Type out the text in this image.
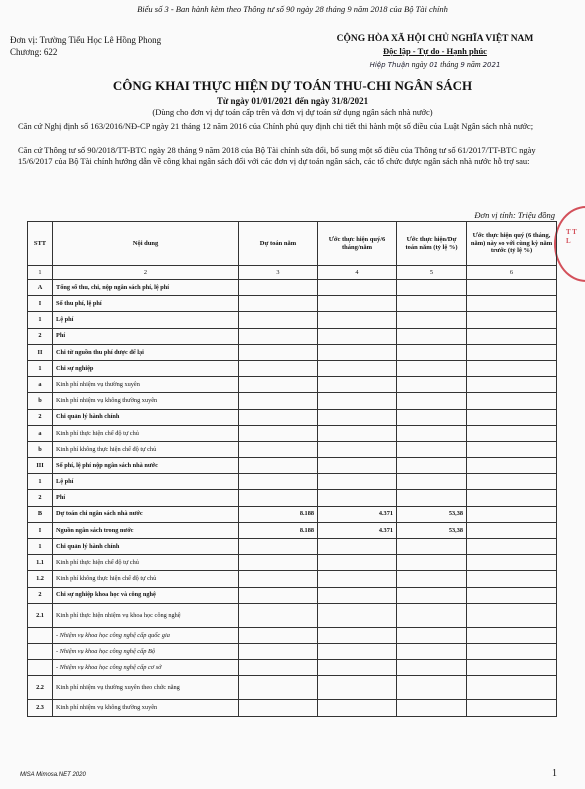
Biểu số 3 - Ban hành kèm theo Thông tư số 90 ngày 28 tháng 9 năm 2018 của Bộ Tài chính
Đơn vị: Trường Tiểu Học Lê Hồng Phong
Chương: 622
CỘNG HÒA XÃ HỘI CHỦ NGHĨA VIỆT NAM
Độc lập - Tự do - Hạnh phúc
Hiệp Thuận ngày 01 tháng 9 năm 2021
CÔNG KHAI THỰC HIỆN DỰ TOÁN THU-CHI NGÂN SÁCH
Từ ngày 01/01/2021 đến ngày 31/8/2021
(Dùng cho đơn vị dự toán cấp trên và đơn vị dự toán sử dụng ngân sách nhà nước)
Căn cứ Nghị định số 163/2016/NĐ-CP ngày 21 tháng 12 năm 2016 của Chính phủ quy định chi tiết thi hành một số điều của Luật Ngân sách nhà nước;
Căn cứ Thông tư số 90/2018/TT-BTC ngày 28 tháng 9 năm 2018 của Bộ Tài chính sửa đổi, bổ sung một số điều của Thông tư số 61/2017/TT-BTC ngày 15/6/2017 của Bộ Tài chính hướng dẫn về công khai ngân sách đối với các đơn vị dự toán ngân sách, các tổ chức được ngân sách nhà nước hỗ trợ sau:
Đơn vị tính: Triệu đồng
T T L
STT	Nội dung	Dự toán năm	Ước thực hiện quý/6 tháng/năm	Ước thực hiện/Dự toán năm (tỷ lệ %)	Ước thực hiện quý (6 tháng, năm) này so với cùng kỳ năm trước (tỷ lệ %)
1	2	3	4	5	6
A	Tổng số thu, chi, nộp ngân sách phí, lệ phí				
I	Số thu phí, lệ phí				
1	Lệ phí				
2	Phí				
II	Chi từ nguồn thu phí được để lại				
1	Chi sự nghiệp				
a	Kinh phí nhiệm vụ thường xuyên				
b	Kinh phí nhiệm vụ không thường xuyên				
2	Chi quản lý hành chính				
a	Kinh phí thực hiện chế độ tự chủ				
b	Kinh phí không thực hiện chế độ tự chủ				
III	Số phí, lệ phí nộp ngân sách nhà nước				
1	Lệ phí				
2	Phí				
B	Dự toán chi ngân sách nhà nước	8.188	4.371	53,38	
I	Nguồn ngân sách trong nước	8.188	4.371	53,38	
1	Chi quản lý hành chính				
1.1	Kinh phí thực hiện chế độ tự chủ				
1.2	Kinh phí không thực hiện chế độ tự chủ				
2	Chi sự nghiệp khoa học và công nghệ				
2.1	Kinh phí thực hiện nhiệm vụ khoa học công nghệ				
	- Nhiệm vụ khoa học công nghệ cấp quốc gia				
	- Nhiệm vụ khoa học công nghệ cấp Bộ				
	- Nhiệm vụ khoa học công nghệ cấp cơ sở				
2.2	Kinh phí nhiệm vụ thường xuyên theo chức năng				
2.3	Kinh phí nhiệm vụ không thường xuyên				
MISA Mimosa.NET 2020	1
